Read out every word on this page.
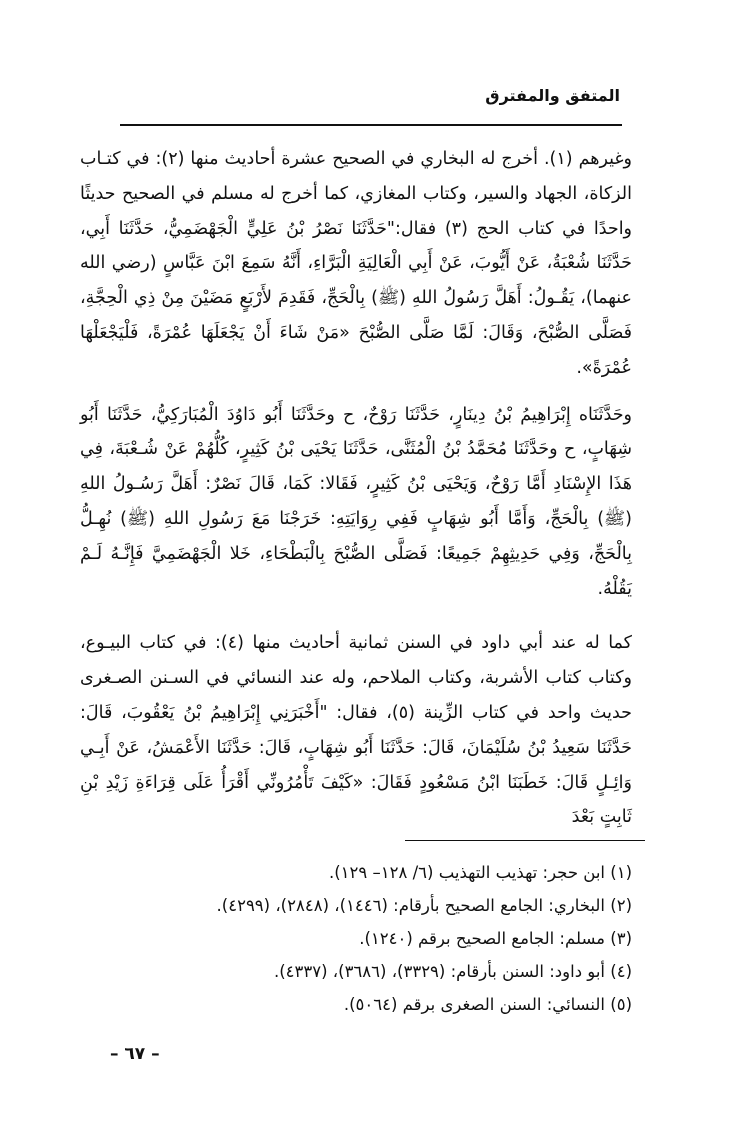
المتفق والمفترق

وغيرهم (١). أخرج له البخاري في الصحيح عشرة أحاديث منها (٢): في كتـاب الزكاة، الجهاد والسير، وكتاب المغازي، كما أخرج له مسلم في الصحيح حديثًا واحدًا في كتاب الحج (٣) فقال:"حَدَّثَنَا نَصْرُ بْنُ عَلِيٍّ الْجَهْضَمِيُّ، حَدَّثَنَا أَبِي، حَدَّثَنَا شُعْبَةُ، عَنْ أَيُّوبَ، عَنْ أَبِي الْعَالِيَةِ الْبَرَّاءِ، أَنَّهُ سَمِعَ ابْنَ عَبَّاسٍ (رضي الله عنهما)، يَقُـولُ: أَهَلَّ رَسُولُ اللهِ (ﷺ) بِالْحَجِّ، فَقَدِمَ لأَرْبَعٍ مَضَيْنَ مِنْ ذِي الْحِجَّةِ، فَصَلَّى الصُّبْحَ، وَقَالَ: لَمَّا صَلَّى الصُّبْحَ «مَنْ شَاءَ أَنْ يَجْعَلَهَا عُمْرَةً، فَلْيَجْعَلْهَا عُمْرَةً».

وحَدَّثَنَاه إِبْرَاهِيمُ بْنُ دِينَارٍ، حَدَّثَنَا رَوْحٌ، ح وحَدَّثَنَا أَبُو دَاوُدَ الْمُبَارَكِيُّ، حَدَّثَنَا أَبُو شِهَابٍ، ح وحَدَّثَنَا مُحَمَّدُ بْنُ الْمُثَنَّى، حَدَّثَنَا يَحْيَى بْنُ كَثِيرٍ، كُلُّهُمْ عَنْ شُـعْبَةَ، فِي هَذَا الإِسْنَادِ أَمَّا رَوْحٌ، وَيَحْيَى بْنُ كَثِيرٍ، فَقَالا: كَمَا، قَالَ نَصْرٌ: أَهَلَّ رَسُـولُ اللهِ (ﷺ) بِالْحَجِّ، وَأَمَّا أَبُو شِهَابٍ فَفِي رِوَايَتِهِ: خَرَجْنَا مَعَ رَسُولِ اللهِ (ﷺ) نُهِـلُّ بِالْحَجِّ، وَفِي حَدِيثِهِمْ جَمِيعًا: فَصَلَّى الصُّبْحَ بِالْبَطْحَاءِ، خَلا الْجَهْضَمِيَّ فَإِنَّـهُ لَـمْ يَقُلْهُ.

كما له عند أبي داود في السنن ثمانية أحاديث منها (٤): في كتاب البيـوع، وكتاب كتاب الأشربة، وكتاب الملاحم، وله عند النسائي في السـنن الصـغرى حديث واحد في كتاب الزِّينة (٥)، فقال: "أَخْبَرَنِي إِبْرَاهِيمُ بْنُ يَعْقُوبَ، قَالَ: حَدَّثَنَا سَعِيدُ بْنُ سُلَيْمَانَ، قَالَ: حَدَّثَنَا أَبُو شِهَابٍ، قَالَ: حَدَّثَنَا الأَعْمَشُ، عَنْ أَبِـي وَائِـلٍ قَالَ: خَطَبَنَا ابْنُ مَسْعُودٍ فَقَالَ: «كَيْفَ تَأْمُرُونِّي أَقْرَأُ عَلَى قِرَاءَةِ زَيْدِ بْنِ ثَابِتٍ بَعْدَ

(١) ابن حجر: تهذيب التهذيب (٦/ ١٢٨– ١٢٩).

(٢) البخاري: الجامع الصحيح بأرقام: (١٤٤٦)، (٢٨٤٨)، (٤٢٩٩).

(٣) مسلم: الجامع الصحيح برقم (١٢٤٠).

(٤) أبو داود: السنن بأرقام: (٣٣٢٩)، (٣٦٨٦)، (٤٣٣٧).

(٥) النسائي: السنن الصغرى برقم (٥٠٦٤).

– ٦٧ –
